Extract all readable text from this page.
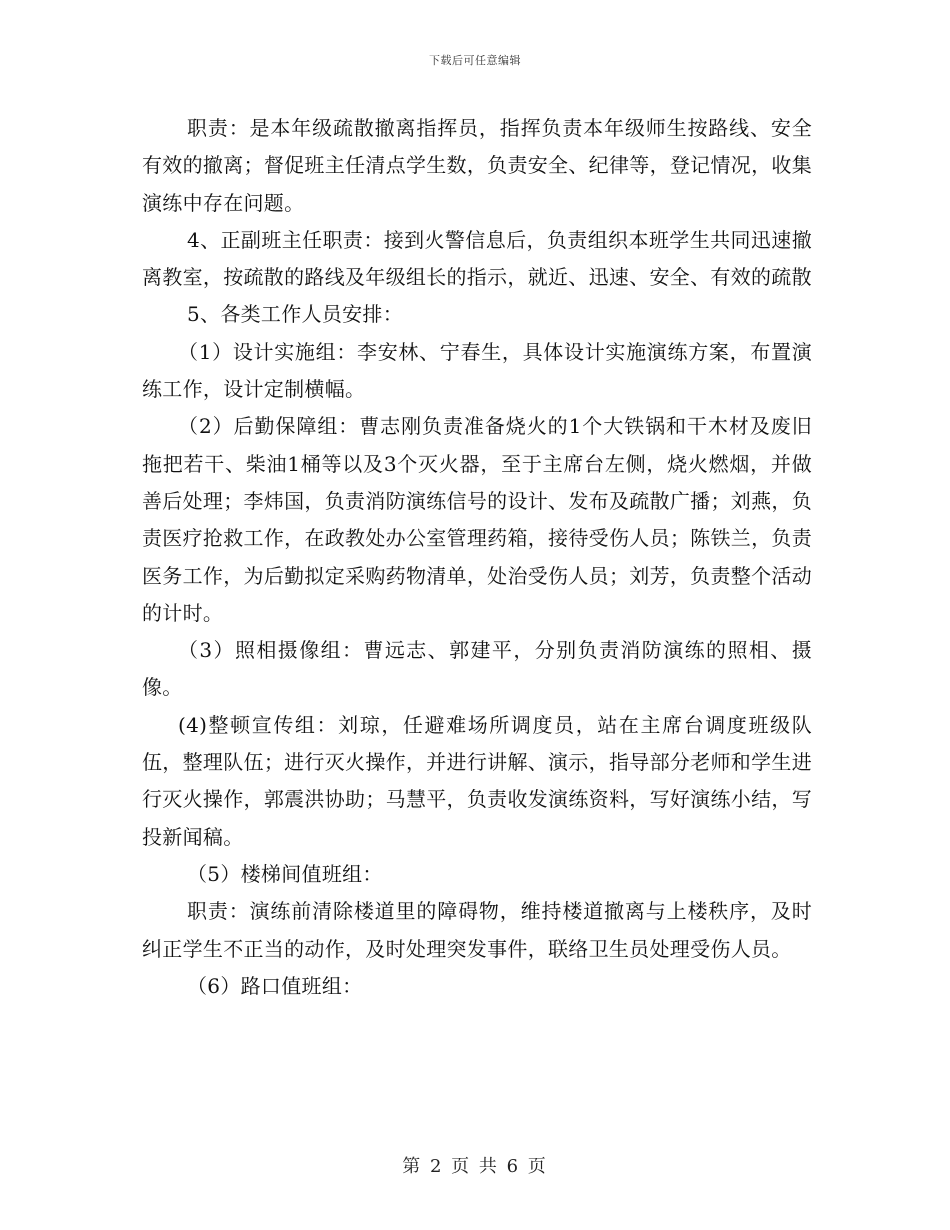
下载后可任意编辑

职责：是本年级疏散撤离指挥员，指挥负责本年级师生按路线、安全有效的撤离；督促班主任清点学生数，负责安全、纪律等，登记情况，收集演练中存在问题。

4、正副班主任职责：接到火警信息后，负责组织本班学生共同迅速撤离教室，按疏散的路线及年级组长的指示，就近、迅速、安全、有效的疏散

5、各类工作人员安排：

（1）设计实施组：李安林、宁春生，具体设计实施演练方案，布置演练工作，设计定制横幅。

（2）后勤保障组：曹志刚负责准备烧火的1个大铁锅和干木材及废旧拖把若干、柴油1桶等以及3个灭火器，至于主席台左侧，烧火燃烟，并做善后处理；李炜国，负责消防演练信号的设计、发布及疏散广播；刘燕，负责医疗抢救工作，在政教处办公室管理药箱，接待受伤人员；陈铁兰，负责医务工作，为后勤拟定采购药物清单，处治受伤人员；刘芳，负责整个活动的计时。

（3）照相摄像组：曹远志、郭建平，分别负责消防演练的照相、摄像。

(4)整顿宣传组：刘琼，任避难场所调度员，站在主席台调度班级队伍，整理队伍；进行灭火操作，并进行讲解、演示，指导部分老师和学生进行灭火操作，郭震洪协助；马慧平，负责收发演练资料，写好演练小结，写投新闻稿。

（5）楼梯间值班组：

职责：演练前清除楼道里的障碍物，维持楼道撤离与上楼秩序，及时纠正学生不正当的动作，及时处理突发事件，联络卫生员处理受伤人员。

（6）路口值班组：

第 2 页 共 6 页
